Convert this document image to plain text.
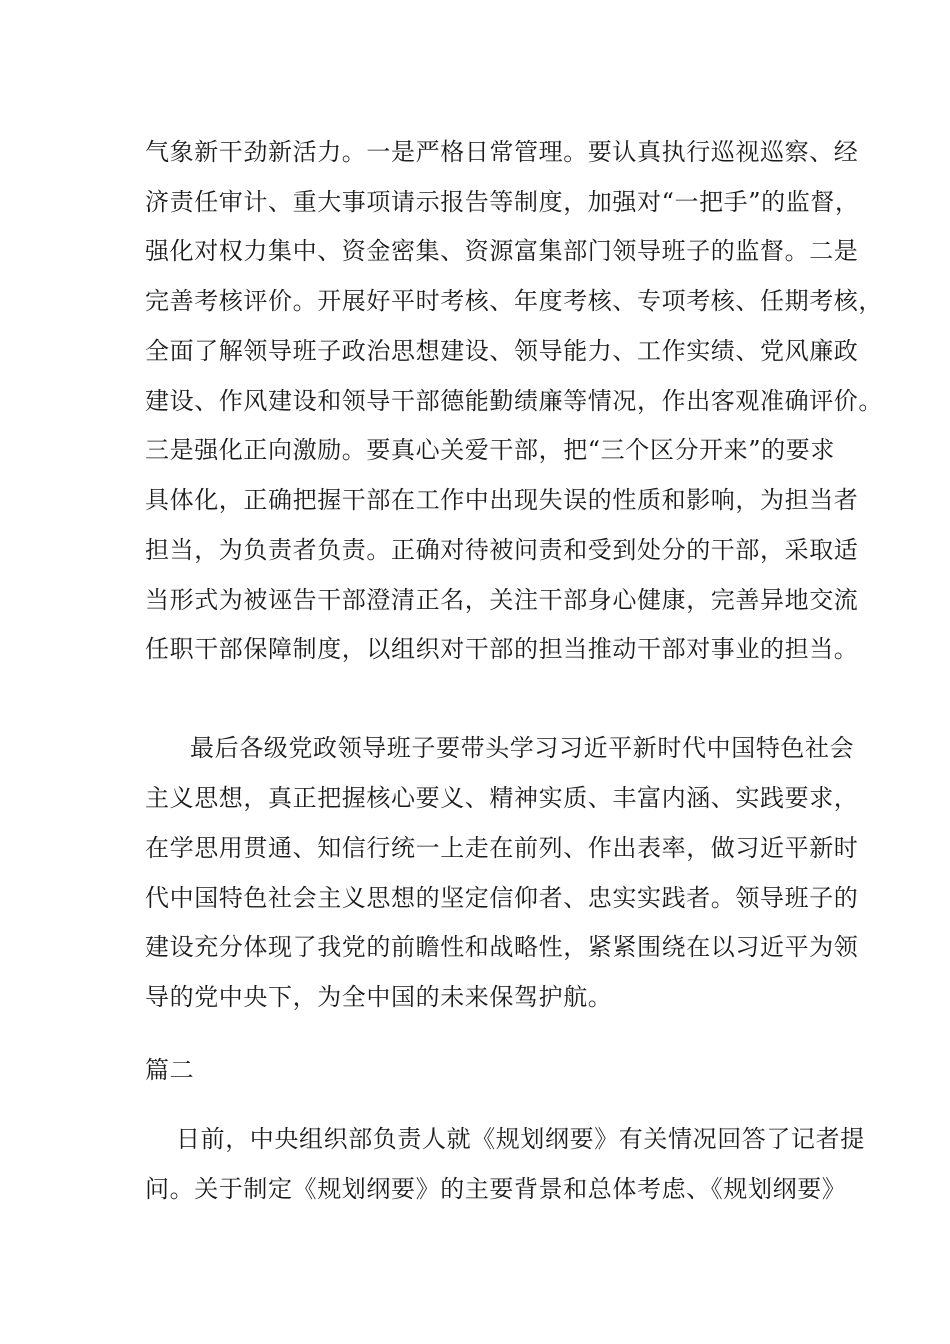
气象新干劲新活力。一是严格日常管理。要认真执行巡视巡察、经
济责任审计、重大事项请示报告等制度，加强对“一把手”的监督，
强化对权力集中、资金密集、资源富集部门领导班子的监督。二是
完善考核评价。开展好平时考核、年度考核、专项考核、任期考核，
全面了解领导班子政治思想建设、领导能力、工作实绩、党风廉政
建设、作风建设和领导干部德能勤绩廉等情况，作出客观准确评价。
三是强化正向激励。要真心关爱干部，把“三个区分开来”的要求
具体化，正确把握干部在工作中出现失误的性质和影响，为担当者
担当，为负责者负责。正确对待被问责和受到处分的干部，采取适
当形式为被诬告干部澄清正名，关注干部身心健康，完善异地交流
任职干部保障制度，以组织对干部的担当推动干部对事业的担当。
最后各级党政领导班子要带头学习习近平新时代中国特色社会
主义思想，真正把握核心要义、精神实质、丰富内涵、实践要求，
在学思用贯通、知信行统一上走在前列、作出表率，做习近平新时
代中国特色社会主义思想的坚定信仰者、忠实实践者。领导班子的
建设充分体现了我党的前瞻性和战略性，紧紧围绕在以习近平为领
导的党中央下，为全中国的未来保驾护航。
篇二
日前，中央组织部负责人就《规划纲要》有关情况回答了记者提
问。关于制定《规划纲要》的主要背景和总体考虑、《规划纲要》
